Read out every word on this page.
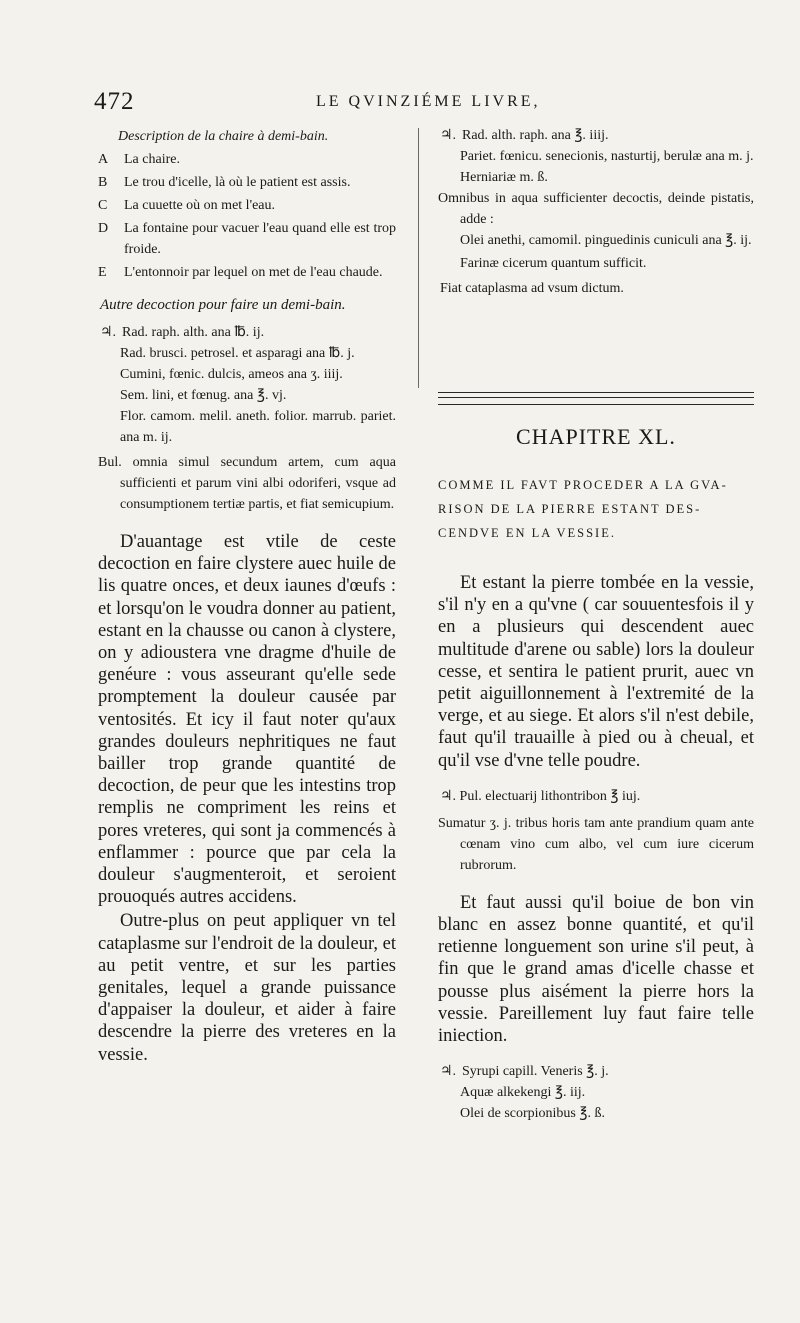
472	LE QVINZIÉME LIVRE,
Description de la chaire à demi-bain.
A	La chaire.
B	Le trou d'icelle, là où le patient est assis.
C	La cuuette où on met l'eau.
D	La fontaine pour vacuer l'eau quand elle est trop froide.
E	L'entonnoir par lequel on met de l'eau chaude.
Autre decoction pour faire un demi-bain.
♃. Rad. raph. alth. ana ℔. ij.
Rad. brusci. petrosel. et asparagi ana ℔. j.
Cumini, fœnic. dulcis, ameos ana ʒ. iiij.
Sem. lini, et fœnug. ana ℥. vj.
Flor. camom. melil. aneth. folior. marrub. pariet. ana m. ij.
Bul. omnia simul secundum artem, cum aqua sufficienti et parum vini albi odoriferi, vsque ad consumptionem tertiæ partis, et fiat semicupium.

D'auantage est vtile de ceste decoction en faire clystere auec huile de lis quatre onces, et deux iaunes d'œufs : et lorsqu'on le voudra donner au patient, estant en la chausse ou canon à clystere, on y adioustera vne dragme d'huile de genéure : vous asseurant qu'elle sede promptement la douleur causée par ventosités. Et icy il faut noter qu'aux grandes douleurs nephritiques ne faut bailler trop grande quantité de decoction, de peur que les intestins trop remplis ne compriment les reins et pores vreteres, qui sont ja commencés à enflammer : pource que par cela la douleur s'augmenteroit, et seroient prouoqués autres accidens.

Outre-plus on peut appliquer vn tel cataplasme sur l'endroit de la douleur, et au petit ventre, et sur les parties genitales, lequel a grande puissance d'appaiser la douleur, et aider à faire descendre la pierre des vreteres en la vessie.

♃. Rad. alth. raph. ana ℥. iiij.
Pariet. fœnicu. senecionis, nasturtij, berulæ ana m. j.
Herniariæ m. ß.
Omnibus in aqua sufficienter decoctis, deinde pistatis, adde :
Olei anethi, camomil. pinguedinis cuniculi ana ℥. ij.
Farinæ cicerum quantum sufficit.
Fiat cataplasma ad vsum dictum.
CHAPITRE XL.
COMME IL FAVT PROCEDER A LA GVA-
RISON DE LA PIERRE ESTANT DES-
CENDVE EN LA VESSIE.

Et estant la pierre tombée en la vessie, s'il n'y en a qu'vne ( car souuentesfois il y en a plusieurs qui descendent auec multitude d'arene ou sable) lors la douleur cesse, et sentira le patient prurit, auec vn petit aiguillonnement à l'extremité de la verge, et au siege. Et alors s'il n'est debile, faut qu'il trauaille à pied ou à cheual, et qu'il vse d'vne telle poudre.

♃. Pul. electuarij lithontribon ℥ iuj.
Sumatur ʒ. j. tribus horis tam ante prandium quam ante cœnam vino cum albo, vel cum iure cicerum rubrorum.

Et faut aussi qu'il boiue de bon vin blanc en assez bonne quantité, et qu'il retienne longuement son urine s'il peut, à fin que le grand amas d'icelle chasse et pousse plus aisément la pierre hors la vessie. Pareillement luy faut faire telle iniection.

♃. Syrupi capill. Veneris ℥. j.
Aquæ alkekengi ℥. iij.
Olei de scorpionibus ℥. ß.
